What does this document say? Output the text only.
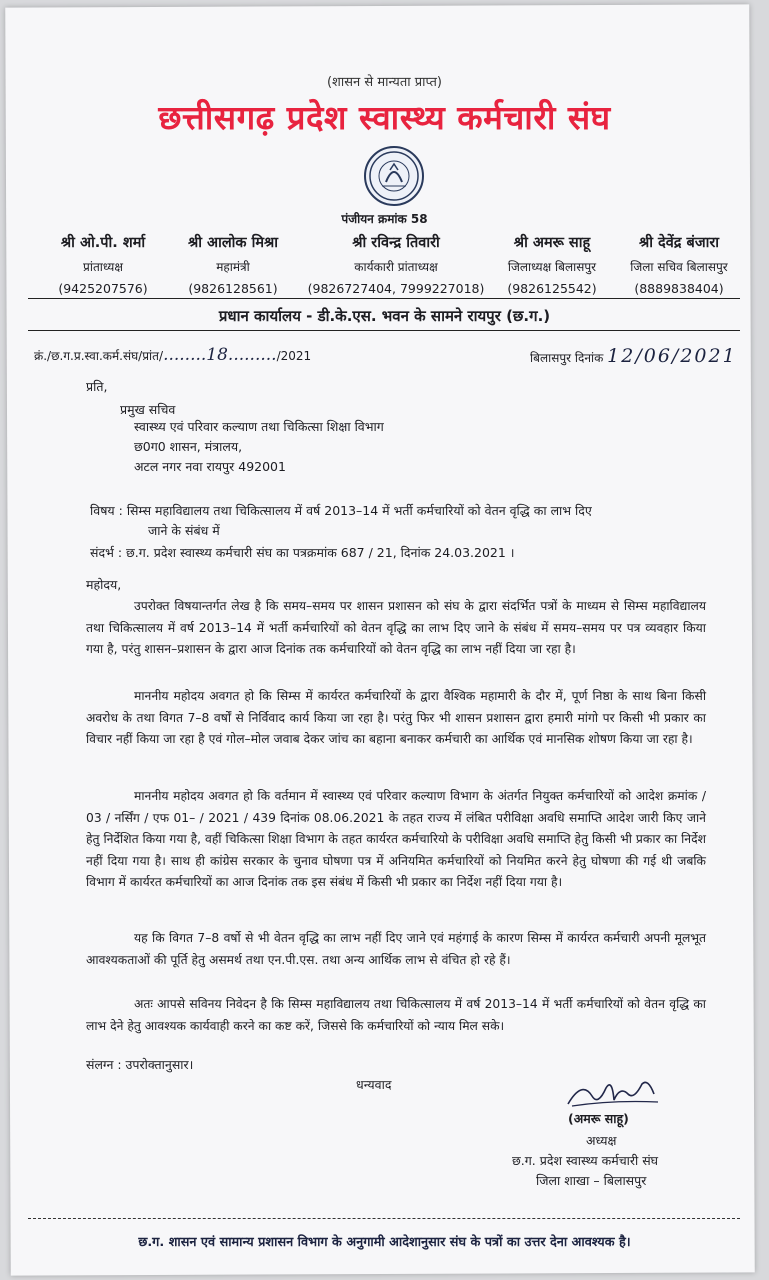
(शासन से मान्यता प्राप्त)
छत्तीसगढ़ प्रदेश स्वास्थ्य कर्मचारी संघ
पंजीयन क्रमांक 58
श्री ओ.पी. शर्मा
प्रांताध्यक्ष
(9425207576)
श्री आलोक मिश्रा
महामंत्री
(9826128561)
श्री रविन्द्र तिवारी
कार्यकारी प्रांताध्यक्ष
(9826727404, 7999227018)
श्री अमरू साहू
जिलाध्यक्ष बिलासपुर
(9826125542)
श्री देवेंद्र बंजारा
जिला सचिव बिलासपुर
(8889838404)
प्रधान कार्यालय - डी.के.एस. भवन के सामने रायपुर (छ.ग.)
क्रं./छ.ग.प्र.स्वा.कर्म.संघ/प्रांत/........18........./2021	बिलासपुर दिनांक 12/06/2021
प्रति,
प्रमुख सचिव
स्वास्थ्य एवं परिवार कल्याण तथा चिकित्सा शिक्षा विभाग
छ0ग0 शासन, मंत्रालय,
अटल नगर नवा रायपुर 492001
विषय : सिम्स महाविद्यालय तथा चिकित्सालय में वर्ष 2013–14 में भर्ती कर्मचारियों को वेतन वृद्धि का लाभ दिए
जाने के संबंध में
संदर्भ : छ.ग. प्रदेश स्वास्थ्य कर्मचारी संघ का पत्रक्रमांक 687 / 21, दिनांक 24.03.2021 ।
महोदय,
उपरोक्त विषयान्तर्गत लेख है कि समय–समय पर शासन प्रशासन को संघ के द्वारा संदर्भित पत्रों के माध्यम से सिम्स महाविद्यालय तथा चिकित्सालय में वर्ष 2013–14 में भर्ती कर्मचारियों को वेतन वृद्धि का लाभ दिए जाने के संबंध में समय–समय पर पत्र व्यवहार किया गया है, परंतु शासन–प्रशासन के द्वारा आज दिनांक तक कर्मचारियों को वेतन वृद्धि का लाभ नहीं दिया जा रहा है।
माननीय महोदय अवगत हो कि सिम्स में कार्यरत कर्मचारियों के द्वारा वैश्विक महामारी के दौर में, पूर्ण निष्ठा के साथ बिना किसी अवरोध के तथा विगत 7–8 वर्षों से निर्विवाद कार्य किया जा रहा है। परंतु फिर भी शासन प्रशासन द्वारा हमारी मांगो पर किसी भी प्रकार का विचार नहीं किया जा रहा है एवं गोल–मोल जवाब देकर जांच का बहाना बनाकर कर्मचारी का आर्थिक एवं मानसिक शोषण किया जा रहा है।
माननीय महोदय अवगत हो कि वर्तमान में स्वास्थ्य एवं परिवार कल्याण विभाग के अंतर्गत नियुक्त कर्मचारियों को आदेश क्रमांक / 03 / नर्सिंग / एफ 01– / 2021 / 439 दिनांक 08.06.2021 के तहत राज्य में लंबित परीविक्षा अवधि समाप्ति आदेश जारी किए जाने हेतु निर्देशित किया गया है, वहीं चिकित्सा शिक्षा विभाग के तहत कार्यरत कर्मचारियो के परीविक्षा अवधि समाप्ति हेतु किसी भी प्रकार का निर्देश नहीं दिया गया है। साथ ही कांग्रेस सरकार के चुनाव घोषणा पत्र में अनियमित कर्मचारियों को नियमित करने हेतु घोषणा की गई थी जबकि विभाग में कार्यरत कर्मचारियों का आज दिनांक तक इस संबंध में किसी भी प्रकार का निर्देश नहीं दिया गया है।
यह कि विगत 7–8 वर्षो से भी वेतन वृद्धि का लाभ नहीं दिए जाने एवं महंगाई के कारण सिम्स में कार्यरत कर्मचारी अपनी मूलभूत आवश्यकताओं की पूर्ति हेतु असमर्थ तथा एन.पी.एस. तथा अन्य आर्थिक लाभ से वंचित हो रहे हैं।
अतः आपसे सविनय निवेदन है कि सिम्स महाविद्यालय तथा चिकित्सालय में वर्ष 2013–14 में भर्ती कर्मचारियों को वेतन वृद्धि का लाभ देने हेतु आवश्यक कार्यवाही करने का कष्ट करें, जिससे कि कर्मचारियों को न्याय मिल सके।
संलग्न : उपरोक्तानुसार।
धन्यवाद
(अमरू साहू)
अध्यक्ष
छ.ग. प्रदेश स्वास्थ्य कर्मचारी संघ
जिला शाखा – बिलासपुर
छ.ग. शासन एवं सामान्य प्रशासन विभाग के अनुगामी आदेशानुसार संघ के पत्रों का उत्तर देना आवश्यक है।
